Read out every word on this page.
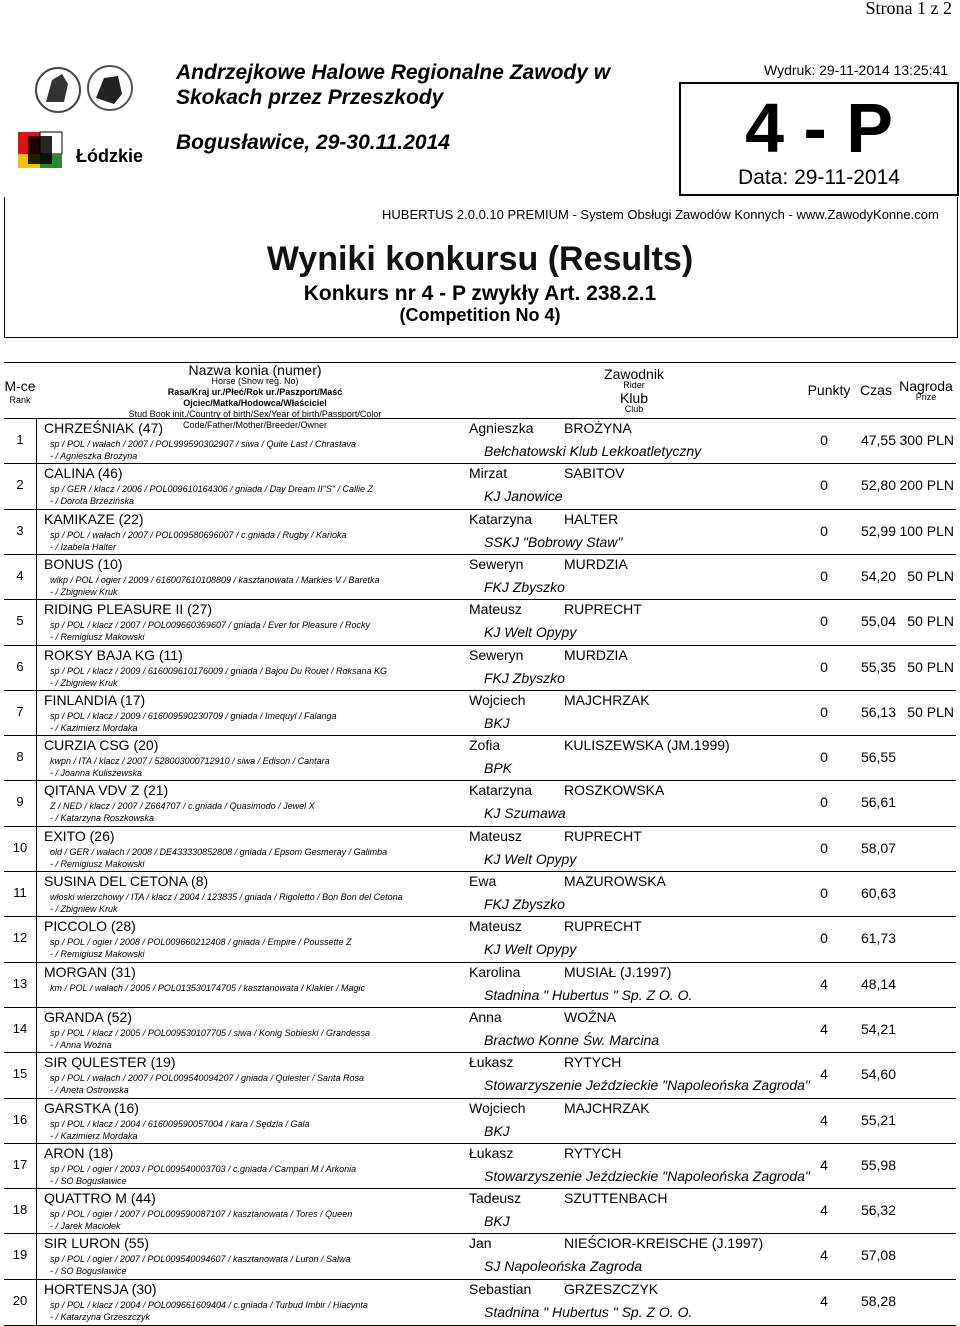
Strona 1 z 2
Łódzkie
Andrzejkowe Halowe Regionalne Zawody w Skokach przez Przeszkody
Bogusławice, 29-30.11.2014
Wydruk: 29-11-2014 13:25:41
4 - P
Data: 29-11-2014
HUBERTUS 2.0.0.10 PREMIUM - System Obsługi Zawodów Konnych - www.ZawodyKonne.com
Wyniki konkursu (Results)
Konkurs nr 4 - P zwykły Art. 238.2.1
(Competition No 4)
M-ce
Rank
Nazwa konia (numer)
Horse (Show reg. No)
Rasa/Kraj ur./Płeć/Rok ur./Paszport/Maść
Ojciec/Matka/Hodowca/Właściciel
Stud Book init./Country of birth/Sex/Year of birth/Passport/Color Code/Father/Mother/Breeder/Owner
Zawodnik
Rider
Klub
Club
Punkty Czas Nagroda
Prize
1
CHRZEŚNIAK (47)
sp / POL / wałach / 2007 / POL999590302907 / siwa / Quite Last / Chrastava
- / Agnieszka Brożyna
Agnieszka BROŻYNA
Bełchatowski Klub Lekkoatletyczny
0	47,55 300 PLN
2
CALINA (46)
sp / GER / klacz / 2006 / POL009610164306 / gniada / Day Dream II"S" / Callie Z
- / Dorota Brzezińska
Mirzat	SABITOV
KJ Janowice
0	52,80 200 PLN
3
KAMIKAZE (22)
sp / POL / wałach / 2007 / POL009580696007 / c.gniada / Rugby / Karioka
- / Izabela Halter
Katarzyna HALTER
SSKJ "Bobrowy Staw"
0	52,99 100 PLN
4
BONUS (10)
wlkp / POL / ogier / 2009 / 616007610108809 / kasztanowata / Markies V / Baretka
- / Zbigniew Kruk
Seweryn	MURDZIA
FKJ Zbyszko
0	54,20 50 PLN
5
RIDING PLEASURE II (27)
sp / POL / klacz / 2007 / POL009660369607 / gniada / Ever for Pleasure / Rocky
- / Remigiusz Makowski
Mateusz	RUPRECHT
KJ Welt Opypy
0	55,04 50 PLN
6
ROKSY BAJA KG (11)
sp / POL / klacz / 2009 / 616009610176009 / gniada / Bajou Du Rouet / Roksana KG
- / Zbigniew Kruk
Seweryn	MURDZIA
FKJ Zbyszko
0	55,35 50 PLN
7
FINLANDIA (17)
sp / POL / klacz / 2009 / 616009590230709 / gniada / Imequyl / Falanga
- / Kazimierz Mordaka
Wojciech	MAJCHRZAK
BKJ
0	56,13 50 PLN
8
CURZIA CSG (20)
kwpn / ITA / klacz / 2007 / 528003000712910 / siwa / Edison / Cantara
- / Joanna Kuliszewska
Zofia	KULISZEWSKA (JM.1999)
BPK
0	56,55
9
QITANA VDV Z (21)
Z / NED / klacz / 2007 / Z664707 / c.gniada / Quasimodo / Jewel X
- / Katarzyna Roszkowska
Katarzyna ROSZKOWSKA
KJ Szumawa
0	56,61
10
EXITO (26)
old / GER / wałach / 2008 / DE433330852808 / gniada / Epsom Gesmeray / Galimba
- / Remigiusz Makowski
Mateusz	RUPRECHT
KJ Welt Opypy
0	58,07
11
SUSINA DEL CETONA (8)
włoski wierzchowy / ITA / klacz / 2004 / 123835 / gniada / Rigoletto / Bon Bon del Cetona
- / Zbigniew Kruk
Ewa	MAZUROWSKA
FKJ Zbyszko
0	60,63
12
PICCOLO (28)
sp / POL / ogier / 2008 / POL009660212408 / gniada / Empire / Poussette Z
- / Remigiusz Makowski
Mateusz	RUPRECHT
KJ Welt Opypy
0	61,73
13
MORGAN (31)
km / POL / wałach / 2005 / POL013530174705 / kasztanowata / Klakier / Magic
Karolina	MUSIAŁ (J.1997)
Stadnina " Hubertus " Sp. Z O. O.
4	48,14
14
GRANDA (52)
sp / POL / klacz / 2005 / POL009530107705 / siwa / Konig Sobieski / Grandessa
- / Anna Woźna
Anna	WOŹNA
Bractwo Konne Św. Marcina
4	54,21
15
SIR QULESTER (19)
sp / POL / wałach / 2007 / POL009540094207 / gniada / Qulester / Santa Rosa
- / Aneta Ostrowska
Łukasz	RYTYCH
Stowarzyszenie Jeździeckie "Napoleońska Zagroda"
4	54,60
16
GARSTKA (16)
sp / POL / klacz / 2004 / 616009590057004 / kara / Sędzia / Gala
- / Kazimierz Mordaka
Wojciech	MAJCHRZAK
BKJ
4	55,21
17
ARON (18)
sp / POL / ogier / 2003 / POL009540003703 / c.gniada / Campari M / Arkonia
- / SO Bogusławice
Łukasz	RYTYCH
Stowarzyszenie Jeździeckie "Napoleońska Zagroda"
4	55,98
18
QUATTRO M (44)
sp / POL / ogier / 2007 / POL009590087107 / kasztanowata / Tores / Queen
- / Jarek Maciołek
Tadeusz	SZUTTENBACH
BKJ
4	56,32
19
SIR LURON (55)
sp / POL / ogier / 2007 / POL009540094607 / kasztanowata / Luron / Salwa
- / SO Bogusławice
Jan	NIEŚCIOR-KREISCHE (J.1997)
SJ Napoleońska Zagroda
4	57,08
20
HORTENSJA (30)
sp / POL / klacz / 2004 / POL009661609404 / c.gniada / Turbud Imbir / Hiacynta
- / Katarzyna Grzeszczyk
Sebastian GRZESZCZYK
Stadnina " Hubertus " Sp. Z O. O.
4	58,28
